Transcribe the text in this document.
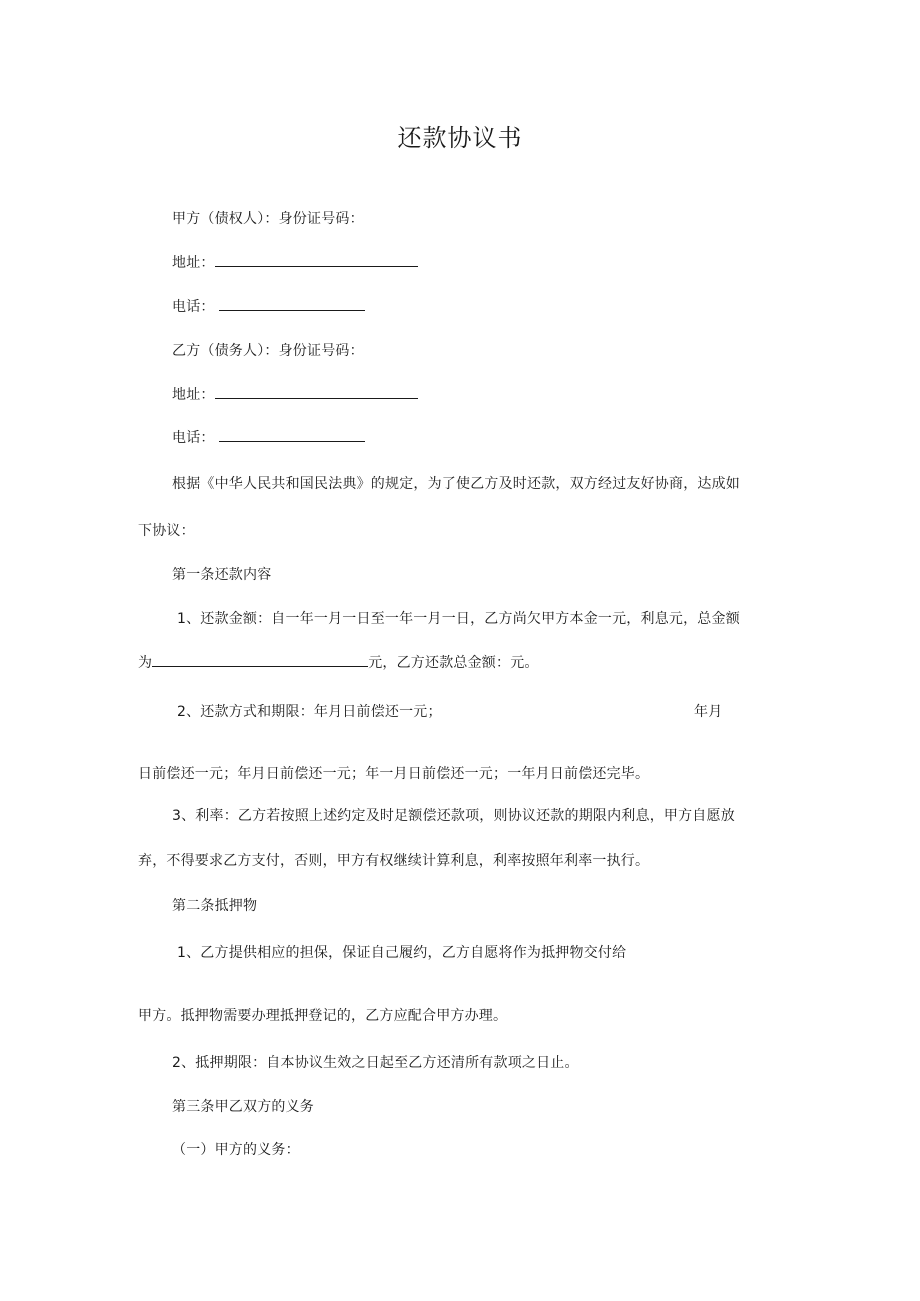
还款协议书
甲方（债权人）：身份证号码：
地址：
电话：
乙方（债务人）：身份证号码：
地址：
电话：
根据《中华人民共和国民法典》的规定，为了使乙方及时还款，双方经过友好协商，达成如
下协议：
第一条还款内容
1、还款金额：自一年一月一日至一年一月一日，乙方尚欠甲方本金一元，利息元，总金额
为	元，乙方还款总金额：元。
2、还款方式和期限：年月日前偿还一元；	年月
日前偿还一元；年月日前偿还一元；年一月日前偿还一元；一年月日前偿还完毕。
3、利率：乙方若按照上述约定及时足额偿还款项，则协议还款的期限内利息，甲方自愿放
弃，不得要求乙方支付，否则，甲方有权继续计算利息，利率按照年利率一执行。
第二条抵押物
1、乙方提供相应的担保，保证自己履约，乙方自愿将作为抵押物交付给
甲方。抵押物需要办理抵押登记的，乙方应配合甲方办理。
2、抵押期限：自本协议生效之日起至乙方还清所有款项之日止。
第三条甲乙双方的义务
（一）甲方的义务：
